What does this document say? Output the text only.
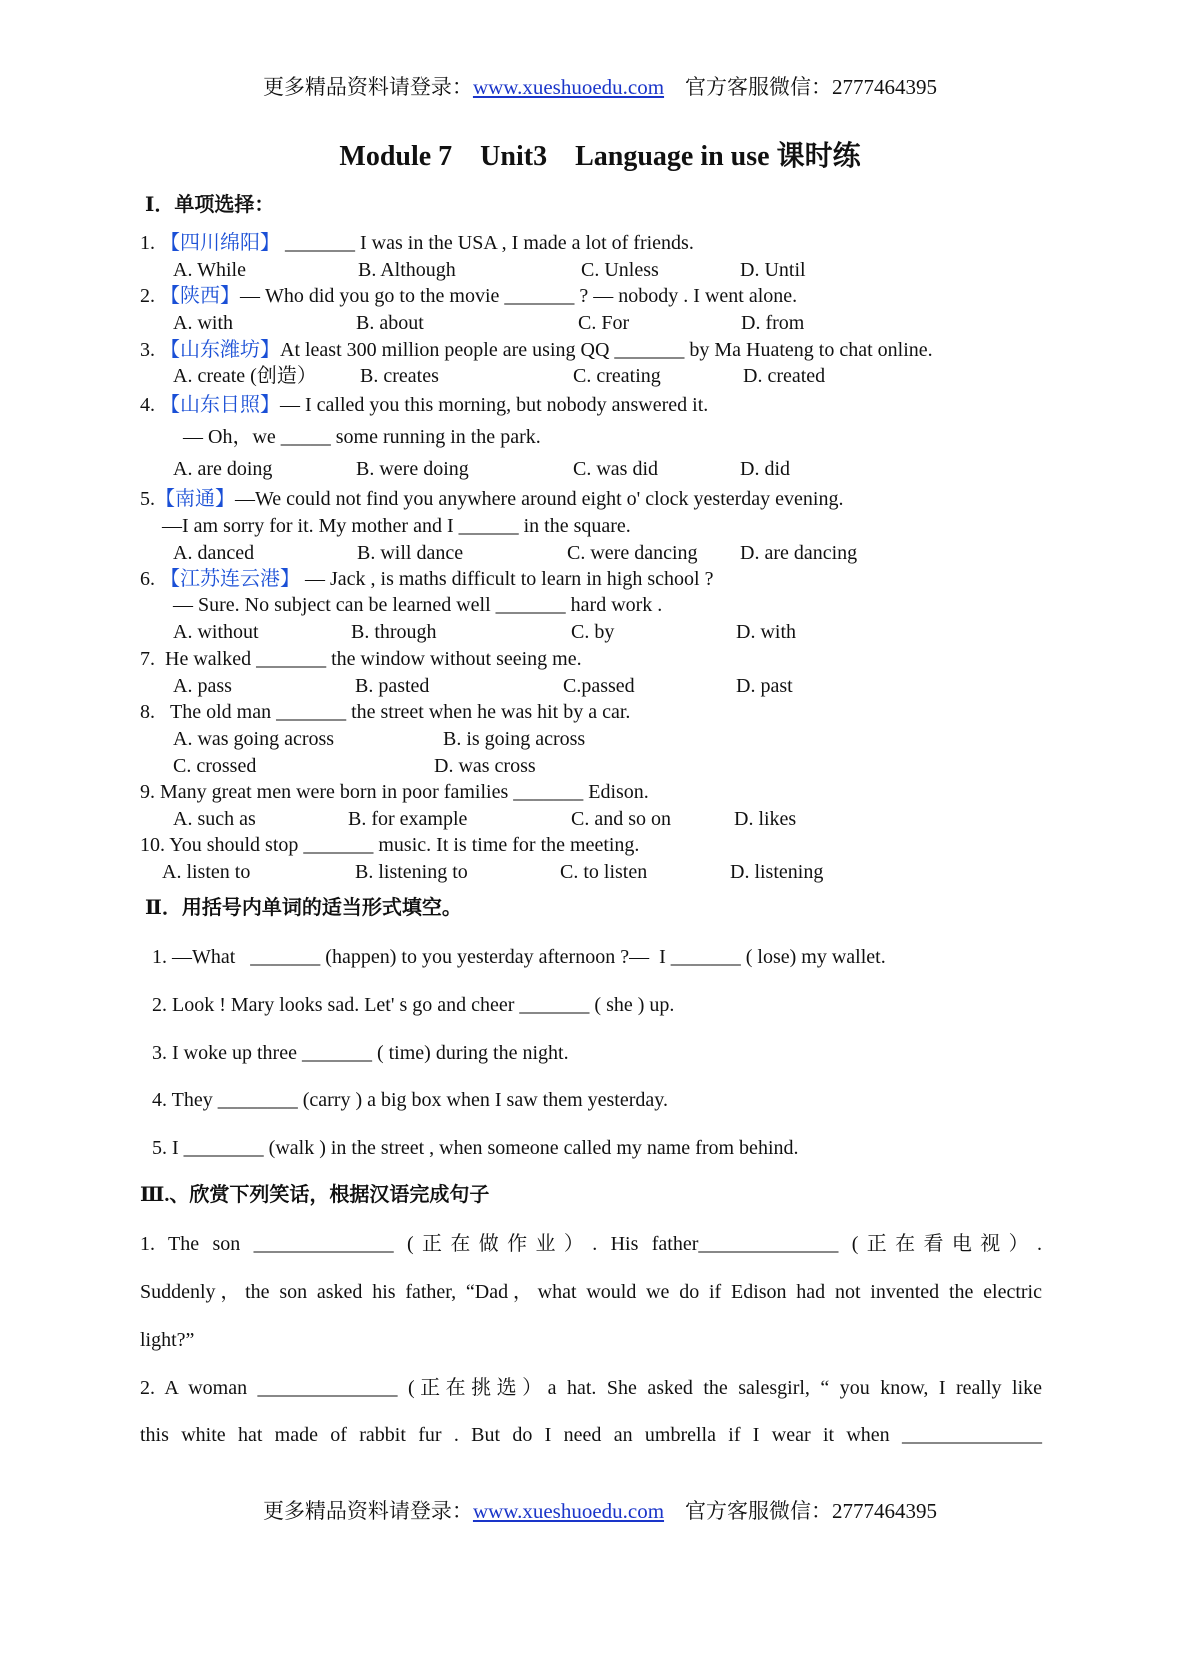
更多精品资料请登录：www.xueshuoedu.com 官方客服微信：2777464395
Module 7　Unit3　Language in use 课时练
Ⅰ．单项选择：
1. 【四川绵阳】 _______ I was in the USA , I made a lot of friends.
A. While	B. Although	C. Unless	D. Until
2. 【陕西】— Who did you go to the movie _______ ? — nobody . I went alone.
A. with	B. about	C. For	D. from
3. 【山东潍坊】At least 300 million people are using QQ _______ by Ma Huateng to chat online.
A. create (创造） B. creates	C. creating	D. created
4. 【山东日照】— I called you this morning, but nobody answered it.
— Oh，we _____ some running in the park.
A. are doing	B. were doing	C. was did	D. did
5.【南通】—We could not find you anywhere around eight o' clock yesterday evening.
—I am sorry for it. My mother and I ______ in the square.
A. danced	B. will dance	C. were dancing D. are dancing
6. 【江苏连云港】 — Jack , is maths difficult to learn in high school ?
— Sure. No subject can be learned well _______ hard work .
A. without	B. through	C. by	D. with
7. He walked _______ the window without seeing me.
A. pass	B. pasted	C.passed	D. past
8. The old man _______ the street when he was hit by a car.
A. was going across	B. is going across
C. crossed	D. was cross
9. Many great men were born in poor families _______ Edison.
A. such as	B. for example	C. and so on	D. likes
10. You should stop _______ music. It is time for the meeting.
A. listen to	B. listening to	C. to listen	D. listening
Ⅱ．用括号内单词的适当形式填空。
1. —What   _______ (happen) to you yesterday afternoon ?—  I _______ ( lose) my wallet.
2. Look ! Mary looks sad. Let' s go and cheer _______ ( she ) up.
3. I woke up three _______ ( time) during the night.
4. They ________ (carry ) a big box when I saw them yesterday.
5. I ________ (walk ) in the street , when someone called my name from behind.
Ⅲ.、欣赏下列笑话，根据汉语完成句子
1. The son ______________ (正在做作业）. His father______________ (正在看电视）.
Suddenly，the son asked his father, “Dad，what would we do if Edison had not invented the electric
light?”
2. A woman ______________ (正在挑选）a hat. She asked the salesgirl, “ you know, I really like
this white hat made of rabbit fur . But do I need an umbrella if I wear it when ______________
更多精品资料请登录：www.xueshuoedu.com 官方客服微信：2777464395
